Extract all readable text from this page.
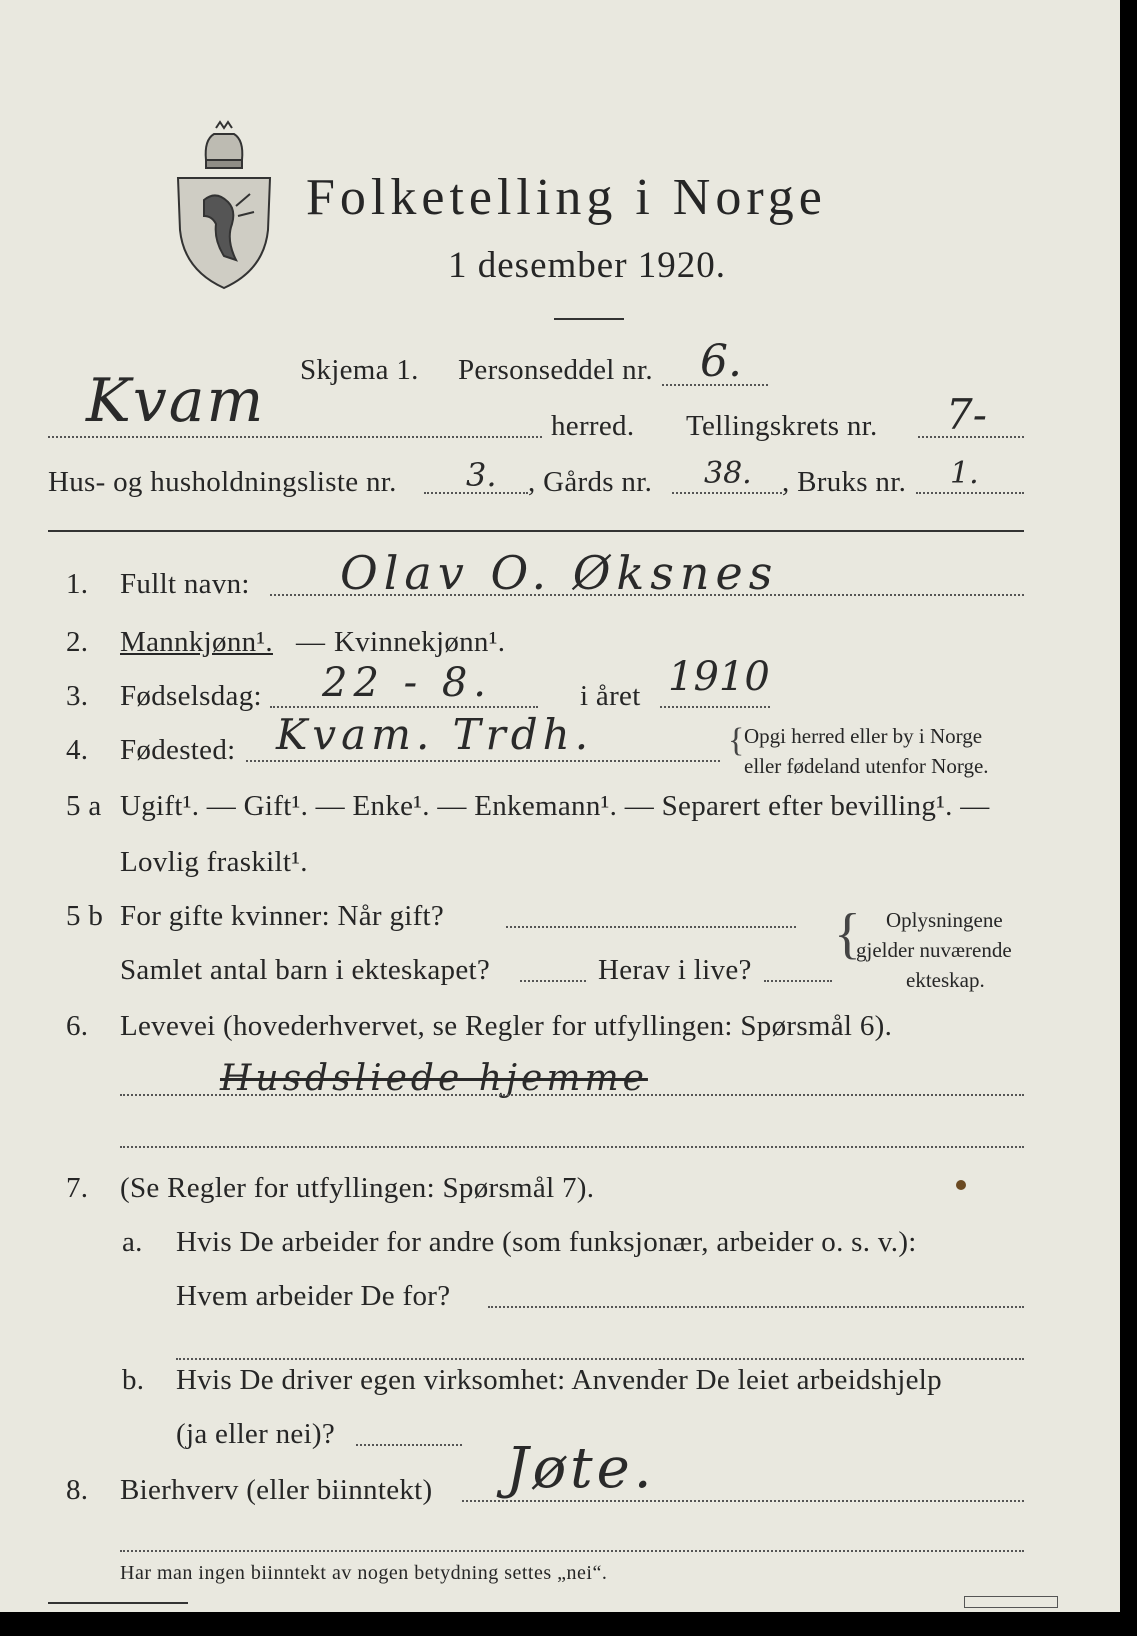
Folketelling i Norge
1 desember 1920.
Skjema 1. Personseddel nr. 6.
Kvam	herred. Tellingskrets nr. 7-
Hus- og husholdningsliste nr. 3. , Gårds nr. 38. , Bruks nr. 1.
1. Fullt navn: Olav O. Øksnes
2. Mannkjønn¹. — Kvinnekjønn¹.
3. Fødselsdag: 22 - 8.	i året 1910
4. Fødested: Kvam. Trdh.	{ Opgi herred eller by i Norge
eller fødeland utenfor Norge.
5 a Ugift¹. — Gift¹. — Enke¹. — Enkemann¹. — Separert efter bevilling¹. —
Lovlig fraskilt¹.
5 b For gifte kvinner: Når gift?
Samlet antal barn i ekteskapet?	Herav i live?
{ Oplysningene
gjelder nuværende
ekteskap.
6. Levevei (hovederhvervet, se Regler for utfyllingen: Spørsmål 6).
Husdsliede hjemme
7. (Se Regler for utfyllingen: Spørsmål 7).
a. Hvis De arbeider for andre (som funksjonær, arbeider o. s. v.):
Hvem arbeider De for?
b. Hvis De driver egen virksomhet: Anvender De leiet arbeidshjelp
(ja eller nei)?
8. Bierhverv (eller biinntekt) Jøte.
Har man ingen biinntekt av nogen betydning settes „nei“.
